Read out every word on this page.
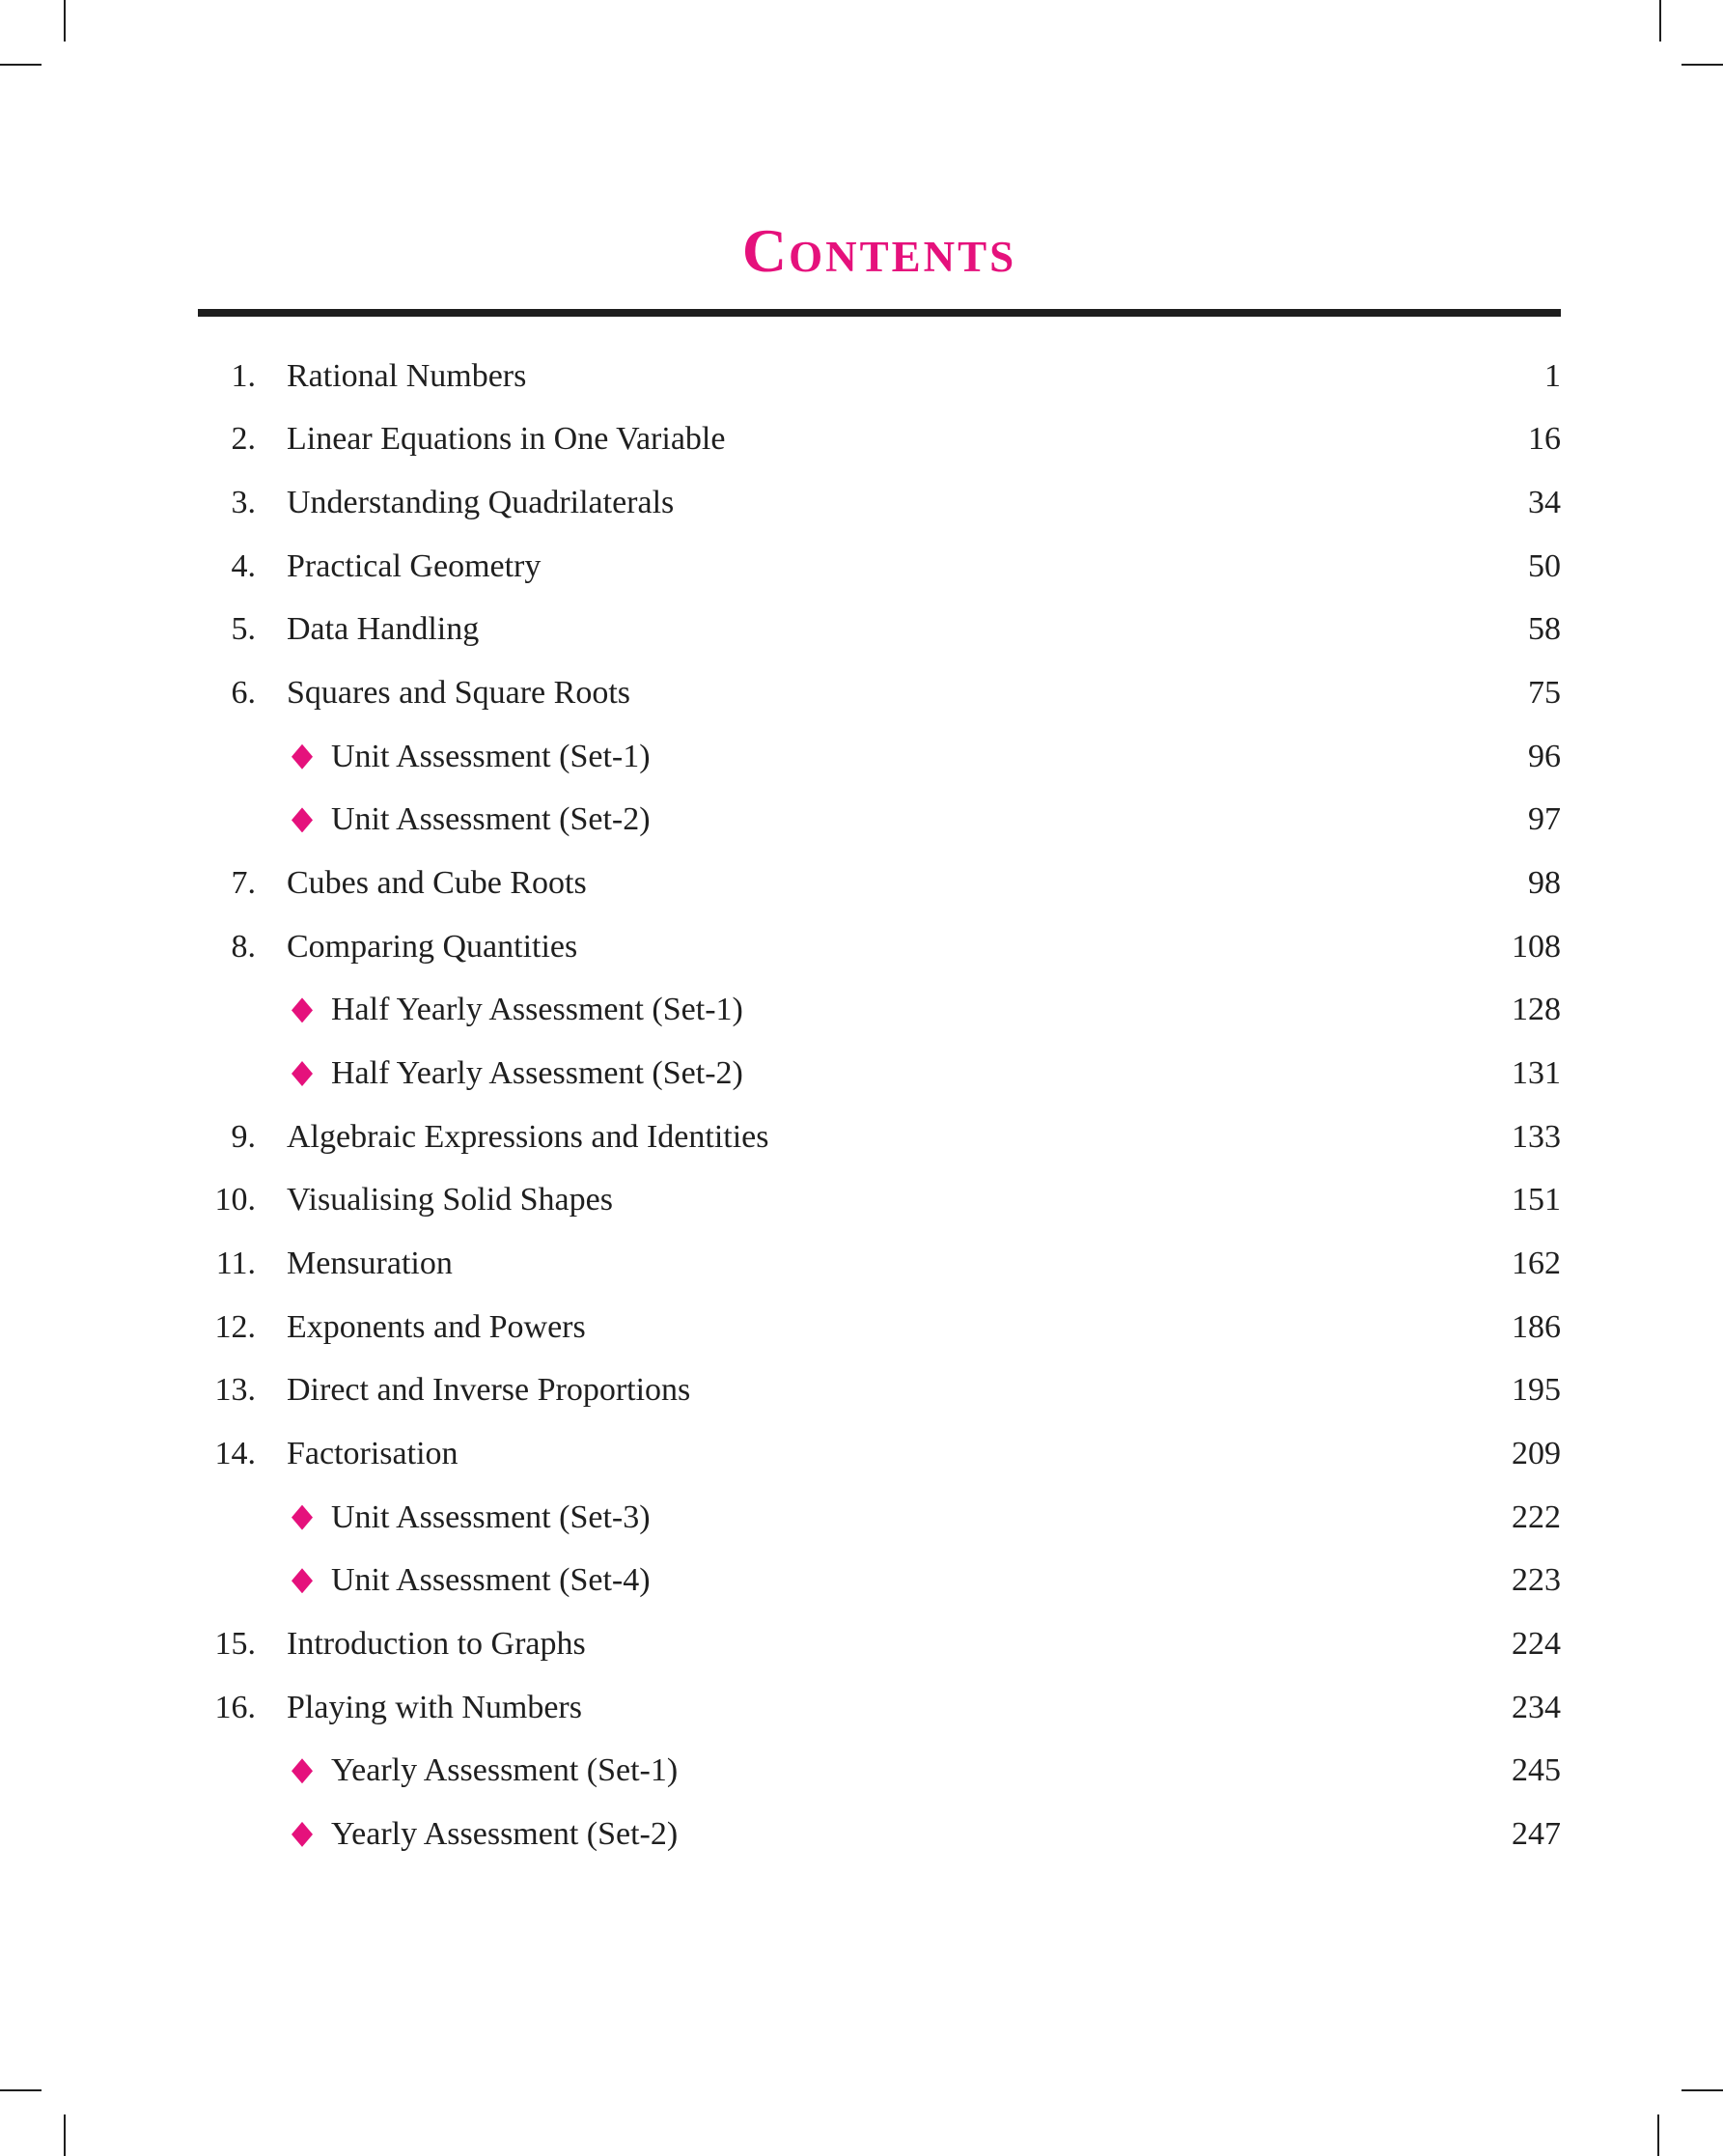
CONTENTS
1. Rational Numbers	1
2. Linear Equations in One Variable	16
3. Understanding Quadrilaterals	34
4. Practical Geometry	50
5. Data Handling	58
6. Squares and Square Roots	75
Unit Assessment (Set-1)	96
Unit Assessment (Set-2)	97
7. Cubes and Cube Roots	98
8. Comparing Quantities	108
Half Yearly Assessment (Set-1)	128
Half Yearly Assessment (Set-2)	131
9. Algebraic Expressions and Identities	133
10. Visualising Solid Shapes	151
11. Mensuration	162
12. Exponents and Powers	186
13. Direct and Inverse Proportions	195
14. Factorisation	209
Unit Assessment (Set-3)	222
Unit Assessment (Set-4)	223
15. Introduction to Graphs	224
16. Playing with Numbers	234
Yearly Assessment (Set-1)	245
Yearly Assessment (Set-2)	247
